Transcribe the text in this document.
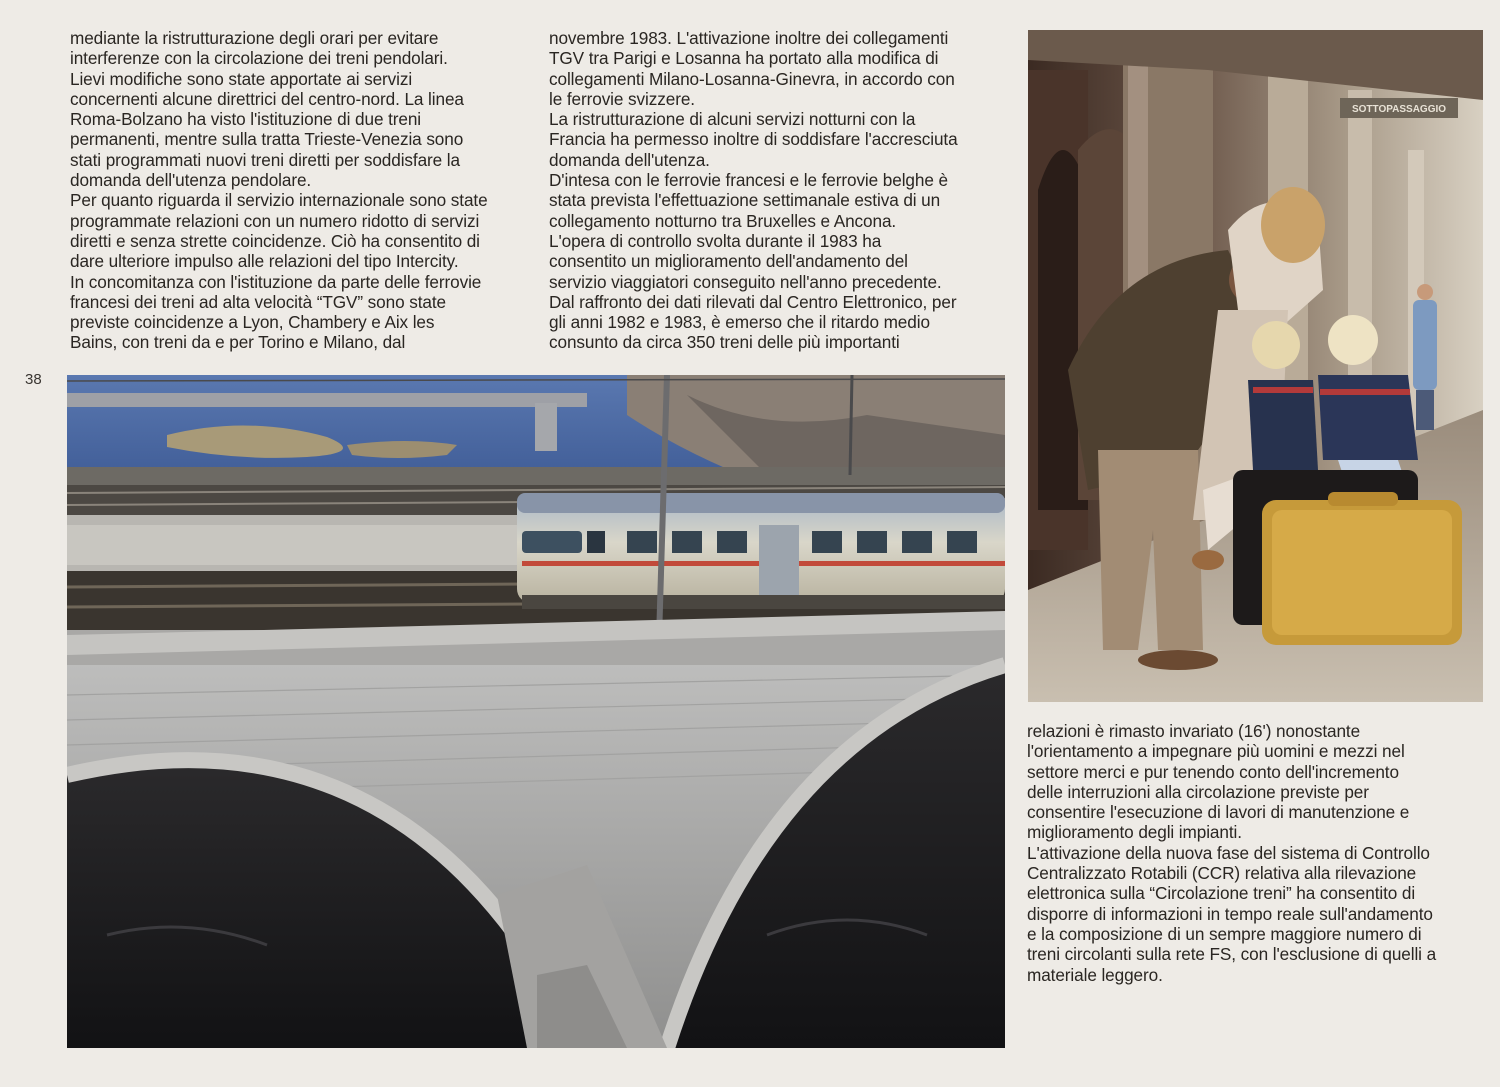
mediante la ristrutturazione degli orari per evitare
interferenze con la circolazione dei treni pendolari.
Lievi modifiche sono state apportate ai servizi
concernenti alcune direttrici del centro-nord. La linea
Roma-Bolzano ha visto l'istituzione di due treni
permanenti, mentre sulla tratta Trieste-Venezia sono
stati programmati nuovi treni diretti per soddisfare la
domanda dell'utenza pendolare.
Per quanto riguarda il servizio internazionale sono state
programmate relazioni con un numero ridotto di servizi
diretti e senza strette coincidenze. Ciò ha consentito di
dare ulteriore impulso alle relazioni del tipo Intercity.
In concomitanza con l'istituzione da parte delle ferrovie
francesi dei treni ad alta velocità “TGV” sono state
previste coincidenze a Lyon, Chambery e Aix les
Bains, con treni da e per Torino e Milano, dal
novembre 1983. L'attivazione inoltre dei collegamenti
TGV tra Parigi e Losanna ha portato alla modifica di
collegamenti Milano-Losanna-Ginevra, in accordo con
le ferrovie svizzere.
La ristrutturazione di alcuni servizi notturni con la
Francia ha permesso inoltre di soddisfare l'accresciuta
domanda dell'utenza.
D'intesa con le ferrovie francesi e le ferrovie belghe è
stata prevista l'effettuazione settimanale estiva di un
collegamento notturno tra Bruxelles e Ancona.
L'opera di controllo svolta durante il 1983 ha
consentito un miglioramento dell'andamento del
servizio viaggiatori conseguito nell'anno precedente.
Dal raffronto dei dati rilevati dal Centro Elettronico, per
gli anni 1982 e 1983, è emerso che il ritardo medio
consunto da circa 350 treni delle più importanti
38
SOTTOPASSAGGIO
relazioni è rimasto invariato (16') nonostante
l'orientamento a impegnare più uomini e mezzi nel
settore merci e pur tenendo conto dell'incremento
delle interruzioni alla circolazione previste per
consentire l'esecuzione di lavori di manutenzione e
miglioramento degli impianti.
L'attivazione della nuova fase del sistema di Controllo
Centralizzato Rotabili (CCR) relativa alla rilevazione
elettronica sulla “Circolazione treni” ha consentito di
disporre di informazioni in tempo reale sull'andamento
e la composizione di un sempre maggiore numero di
treni circolanti sulla rete FS, con l'esclusione di quelli a
materiale leggero.
